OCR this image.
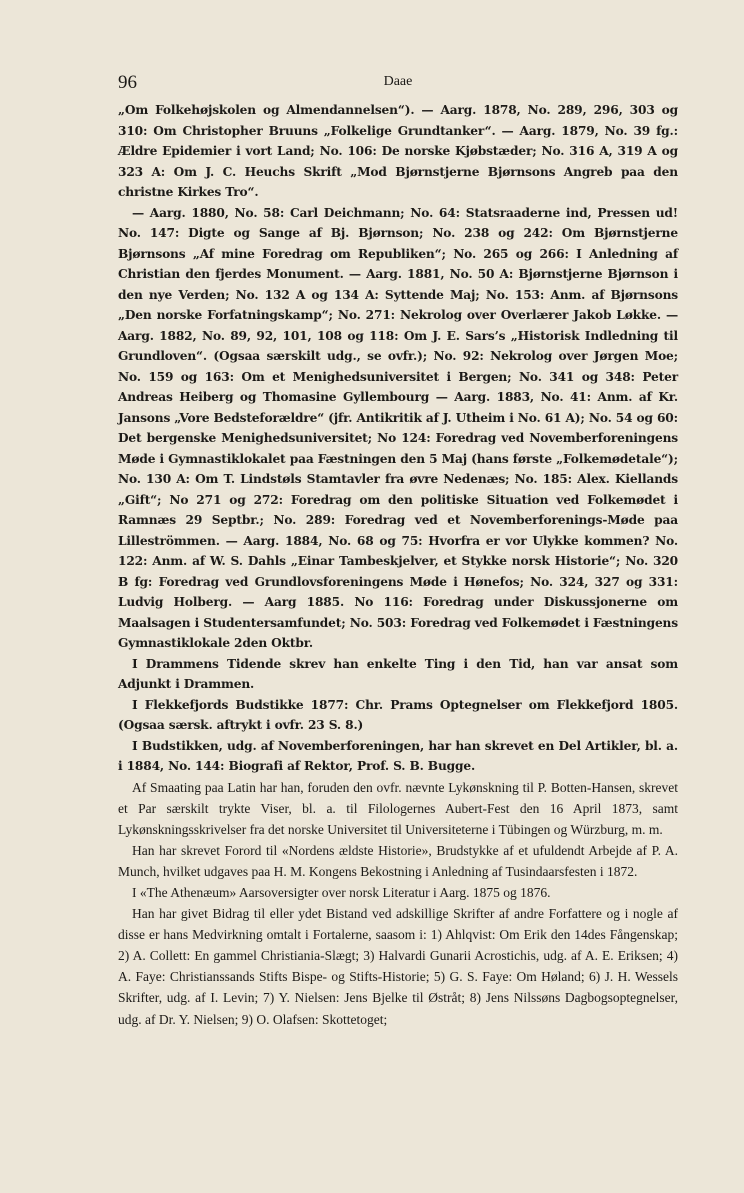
96	Daae

„Om Folkehøjskolen og Almendannelsen“). — Aarg. 1878, No. 289, 296, 303 og 310: Om Christopher Bruuns „Folkelige Grundtanker“. — Aarg. 1879, No. 39 fg.: Ældre Epidemier i vort Land; No. 106: De norske Kjøbstæder; No. 316 A, 319 A og 323 A: Om J. C. Heuchs Skrift „Mod Bjørnstjerne Bjørnsons Angreb paa den christne Kirkes Tro“.

— Aarg. 1880, No. 58: Carl Deichmann; No. 64: Statsraaderne ind, Pressen ud! No. 147: Digte og Sange af Bj. Bjørnson; No. 238 og 242: Om Bjørnstjerne Bjørnsons „Af mine Foredrag om Republiken“; No. 265 og 266: I Anledning af Christian den fjerdes Monument. — Aarg. 1881, No. 50 A: Bjørnstjerne Bjørnson i den nye Verden; No. 132 A og 134 A: Syttende Maj; No. 153: Anm. af Bjørnsons „Den norske Forfatningskamp“; No. 271: Nekrolog over Overlærer Jakob Løkke. — Aarg. 1882, No. 89, 92, 101, 108 og 118: Om J. E. Sars’s „Historisk Indledning til Grundloven“. (Ogsaa særskilt udg., se ovfr.); No. 92: Nekrolog over Jørgen Moe; No. 159 og 163: Om et Menighedsuniversitet i Bergen; No. 341 og 348: Peter Andreas Heiberg og Thomasine Gyllembourg — Aarg. 1883, No. 41: Anm. af Kr. Jansons „Vore Bedsteforældre“ (jfr. Antikritik af J. Utheim i No. 61 A); No. 54 og 60: Det bergenske Menighedsuniversitet; No 124: Foredrag ved Novemberforeningens Møde i Gymnastiklokalet paa Fæstningen den 5 Maj (hans første „Folkemødetale“); No. 130 A: Om T. Lindstøls Stamtavler fra øvre Nedenæs; No. 185: Alex. Kiellands „Gift“; No 271 og 272: Foredrag om den politiske Situation ved Folkemødet i Ramnæs 29 Septbr.; No. 289: Foredrag ved et Novemberforenings-Møde paa Lilleströmmen. — Aarg. 1884, No. 68 og 75: Hvorfra er vor Ulykke kommen? No. 122: Anm. af W. S. Dahls „Einar Tambeskjelver, et Stykke norsk Historie“; No. 320 B fg: Foredrag ved Grundlovsforeningens Møde i Hønefos; No. 324, 327 og 331: Ludvig Holberg. — Aarg 1885. No 116: Foredrag under Diskussjonerne om Maalsagen i Studentersamfundet; No. 503: Foredrag ved Folkemødet i Fæstningens Gymnastiklokale 2den Oktbr.

I Drammens Tidende skrev han enkelte Ting i den Tid, han var ansat som Adjunkt i Drammen.

I Flekkefjords Budstikke 1877: Chr. Prams Optegnelser om Flekkefjord 1805. (Ogsaa særsk. aftrykt i ovfr. 23 S. 8.)

I Budstikken, udg. af Novemberforeningen, har han skrevet en Del Artikler, bl. a. i 1884, No. 144: Biografi af Rektor, Prof. S. B. Bugge.

Af Smaating paa Latin har han, foruden den ovfr. nævnte Lykønskning til P. Botten-Hansen, skrevet et Par særskilt trykte Viser, bl. a. til Filologernes Aubert-Fest den 16 April 1873, samt Lykønskningsskrivelser fra det norske Universitet til Universiteterne i Tübingen og Würzburg, m. m.

Han har skrevet Forord til «Nordens ældste Historie», Brudstykke af et ufuldendt Arbejde af P. A. Munch, hvilket udgaves paa H. M. Kongens Bekostning i Anledning af Tusindaarsfesten i 1872.

I «The Athenæum» Aarsoversigter over norsk Literatur i Aarg. 1875 og 1876.

Han har givet Bidrag til eller ydet Bistand ved adskillige Skrifter af andre Forfattere og i nogle af disse er hans Medvirkning omtalt i Fortalerne, saasom i: 1) Ahlqvist: Om Erik den 14des Fångenskap; 2) A. Collett: En gammel Christiania-Slægt; 3) Halvardi Gunarii Acrostichis, udg. af A. E. Eriksen; 4) A. Faye: Christianssands Stifts Bispe- og Stifts-Historie; 5) G. S. Faye: Om Høland; 6) J. H. Wessels Skrifter, udg. af I. Levin; 7) Y. Nielsen: Jens Bjelke til Østråt; 8) Jens Nilssøns Dagbogsoptegnelser, udg. af Dr. Y. Nielsen; 9) O. Olafsen: Skottetoget;
